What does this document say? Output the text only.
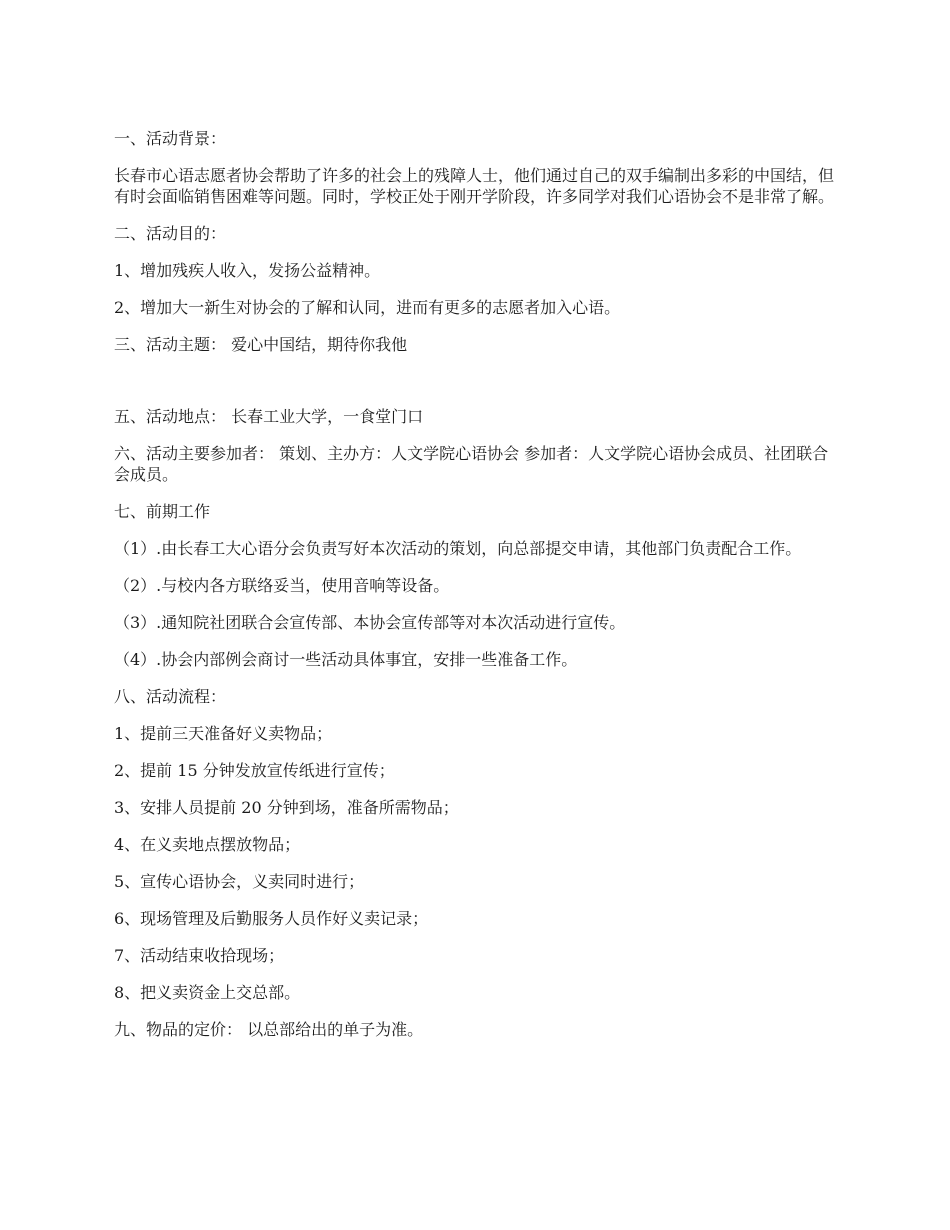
一、活动背景：

长春市心语志愿者协会帮助了许多的社会上的残障人士，他们通过自己的双手编制出多彩的中国结，但有时会面临销售困难等问题。同时，学校正处于刚开学阶段，许多同学对我们心语协会不是非常了解。

二、活动目的：

1、增加残疾人收入，发扬公益精神。

2、增加大一新生对协会的了解和认同，进而有更多的志愿者加入心语。

三、活动主题： 爱心中国结，期待你我他

五、活动地点： 长春工业大学，一食堂门口

六、活动主要参加者： 策划、主办方：人文学院心语协会 参加者：人文学院心语协会成员、社团联合会成员。

七、前期工作

（1）.由长春工大心语分会负责写好本次活动的策划，向总部提交申请，其他部门负责配合工作。

（2）.与校内各方联络妥当，使用音响等设备。

（3）.通知院社团联合会宣传部、本协会宣传部等对本次活动进行宣传。

（4）.协会内部例会商讨一些活动具体事宜，安排一些准备工作。

八、活动流程：

1、提前三天准备好义卖物品；

2、提前 15 分钟发放宣传纸进行宣传；

3、安排人员提前 20 分钟到场，准备所需物品；

4、在义卖地点摆放物品；

5、宣传心语协会，义卖同时进行；

6、现场管理及后勤服务人员作好义卖记录；

7、活动结束收拾现场；

8、把义卖资金上交总部。

九、物品的定价： 以总部给出的单子为准。
